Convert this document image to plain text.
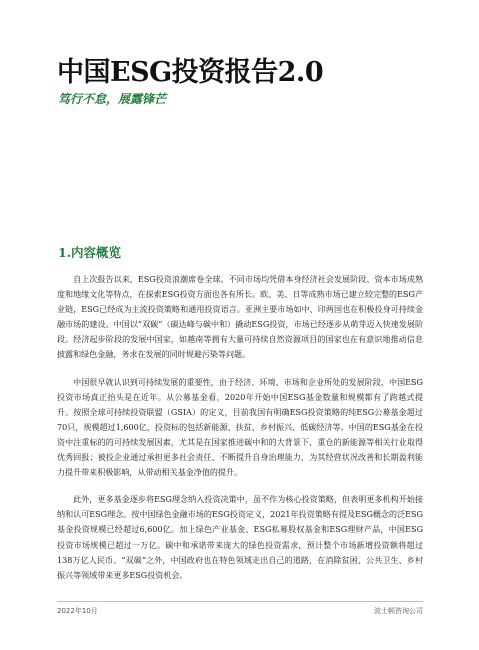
中国ESG投资报告2.0
笃行不怠，展露锋芒
1.内容概览

自上次报告以来，ESG投资浪潮席卷全球。不同市场均凭借本身经济社会发展阶段、资本市场成熟度和地缘文化等特点，在探索ESG投资方面也各有所长。欧、美、日等成熟市场已建立较完整的ESG产业链，ESG已经成为主流投资策略和通用投资语言。亚洲主要市场如中、印两国也在积极投身可持续金融市场的建设。中国以“双碳”（碳达峰与碳中和）撬动ESG投资，市场已经逐步从萌芽迈入快速发展阶段。经济起步阶段的发展中国家，如越南等拥有大量可持续自然资源项目的国家也在有意识地推动信息披露和绿色金融，务求在发展的同时规避污染等问题。

中国很早就认识到可持续发展的重要性，由于经济、环境、市场和企业所处的发展阶段，中国ESG投资市场真正抬头是在近年。从公募基金看，2020年开始中国ESG基金数量和规模都有了跨越式提升。按照全球可持续投资联盟（GSIA）的定义，目前我国有明确ESG投资策略的纯ESG公募基金超过70只，规模超过1,600亿，投资标的包括新能源、扶贫、乡村振兴、低碳经济等。中国的ESG基金在投资中注重标的的可持续发展因素，尤其是在国家推进碳中和的大背景下，重仓的新能源等相关行业取得优秀回报；被投企业通过承担更多社会责任、不断提升自身治理能力，为其经营状况改善和长期盈利能力提升带来积极影响，从带动相关基金净值的提升。

此外，更多基金逐步将ESG理念纳入投资决策中，虽不作为核心投资策略，但表明更多机构开始接纳和认可ESG理念。按中国绿色金融市场的ESG投资定义，2021年投资策略有提及ESG概念的泛ESG基金投资规模已经超过6,600亿。加上绿色产业基金、ESG私募股权基金和ESG理财产品，中国ESG投资市场规模已超过一万亿。碳中和承诺带来庞大的绿色投资需求，预计整个市场新增投资额将超过138万亿人民币。“双碳”之外，中国政府也在特色领域走出自己的道路，在消除贫困、公共卫生、乡村振兴等领域带来更多ESG投资机会。

2022年10月	波士顿咨询公司
